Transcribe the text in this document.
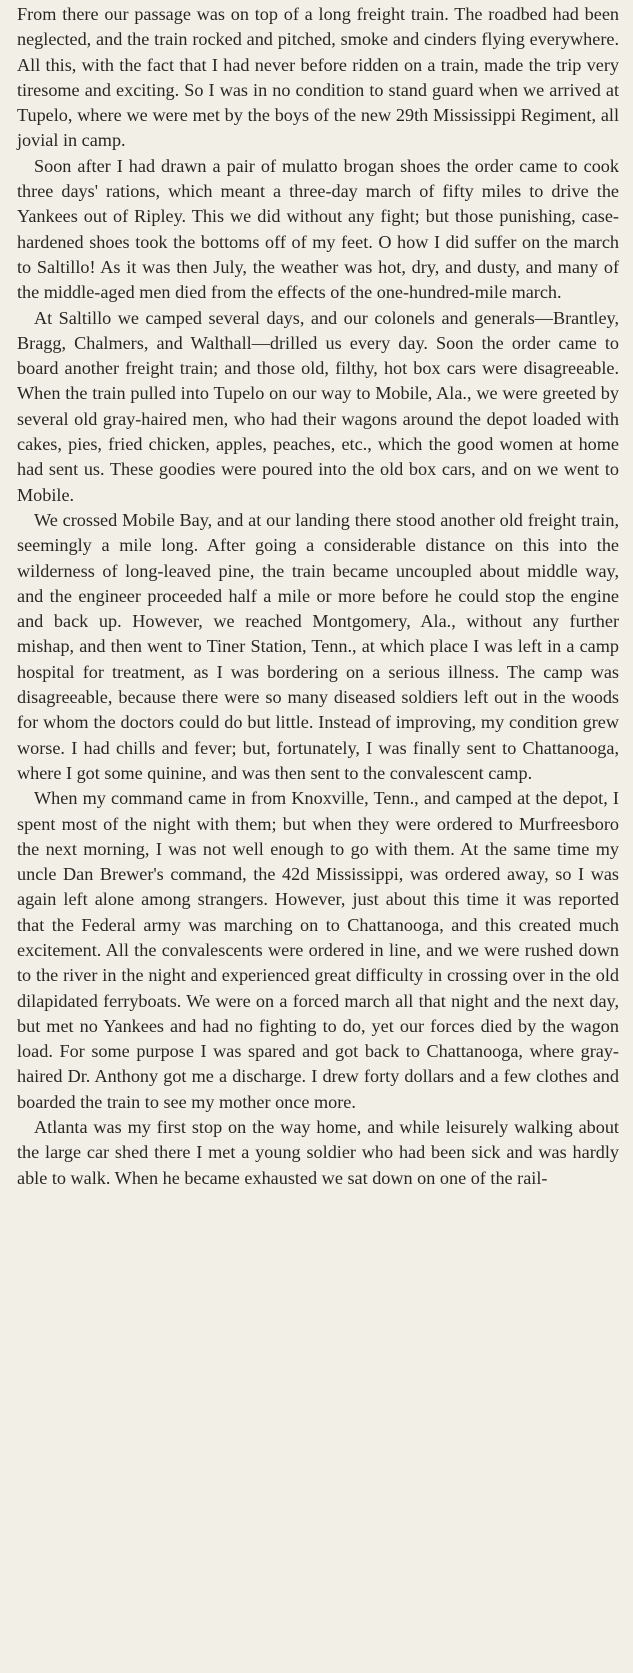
From there our passage was on top of a long freight train. The roadbed had been neglected, and the train rocked and pitched, smoke and cinders flying everywhere. All this, with the fact that I had never before ridden on a train, made the trip very tiresome and exciting. So I was in no condition to stand guard when we arrived at Tupelo, where we were met by the boys of the new 29th Mississippi Regiment, all jovial in camp.

Soon after I had drawn a pair of mulatto brogan shoes the order came to cook three days' rations, which meant a three-day march of fifty miles to drive the Yankees out of Ripley. This we did without any fight; but those punishing, case-hardened shoes took the bottoms off of my feet. O how I did suffer on the march to Saltillo! As it was then July, the weather was hot, dry, and dusty, and many of the middle-aged men died from the effects of the one-hundred-mile march.

At Saltillo we camped several days, and our colonels and generals—Brantley, Bragg, Chalmers, and Walthall—drilled us every day. Soon the order came to board another freight train; and those old, filthy, hot box cars were disagreeable. When the train pulled into Tupelo on our way to Mobile, Ala., we were greeted by several old gray-haired men, who had their wagons around the depot loaded with cakes, pies, fried chicken, apples, peaches, etc., which the good women at home had sent us. These goodies were poured into the old box cars, and on we went to Mobile.

We crossed Mobile Bay, and at our landing there stood another old freight train, seemingly a mile long. After going a considerable distance on this into the wilderness of long-leaved pine, the train became uncoupled about middle way, and the engineer proceeded half a mile or more before he could stop the engine and back up. However, we reached Montgomery, Ala., without any further mishap, and then went to Tiner Station, Tenn., at which place I was left in a camp hospital for treatment, as I was bordering on a serious illness. The camp was disagreeable, because there were so many diseased soldiers left out in the woods for whom the doctors could do but little. Instead of improving, my condition grew worse. I had chills and fever; but, fortunately, I was finally sent to Chattanooga, where I got some quinine, and was then sent to the convalescent camp.

When my command came in from Knoxville, Tenn., and camped at the depot, I spent most of the night with them; but when they were ordered to Murfreesboro the next morning, I was not well enough to go with them. At the same time my uncle Dan Brewer's command, the 42d Mississippi, was ordered away, so I was again left alone among strangers. However, just about this time it was reported that the Federal army was marching on to Chattanooga, and this created much excitement. All the convalescents were ordered in line, and we were rushed down to the river in the night and experienced great difficulty in crossing over in the old dilapidated ferryboats. We were on a forced march all that night and the next day, but met no Yankees and had no fighting to do, yet our forces died by the wagon load. For some purpose I was spared and got back to Chattanooga, where gray-haired Dr. Anthony got me a discharge. I drew forty dollars and a few clothes and boarded the train to see my mother once more.

Atlanta was my first stop on the way home, and while leisurely walking about the large car shed there I met a young soldier who had been sick and was hardly able to walk. When he became exhausted we sat down on one of the rail-
